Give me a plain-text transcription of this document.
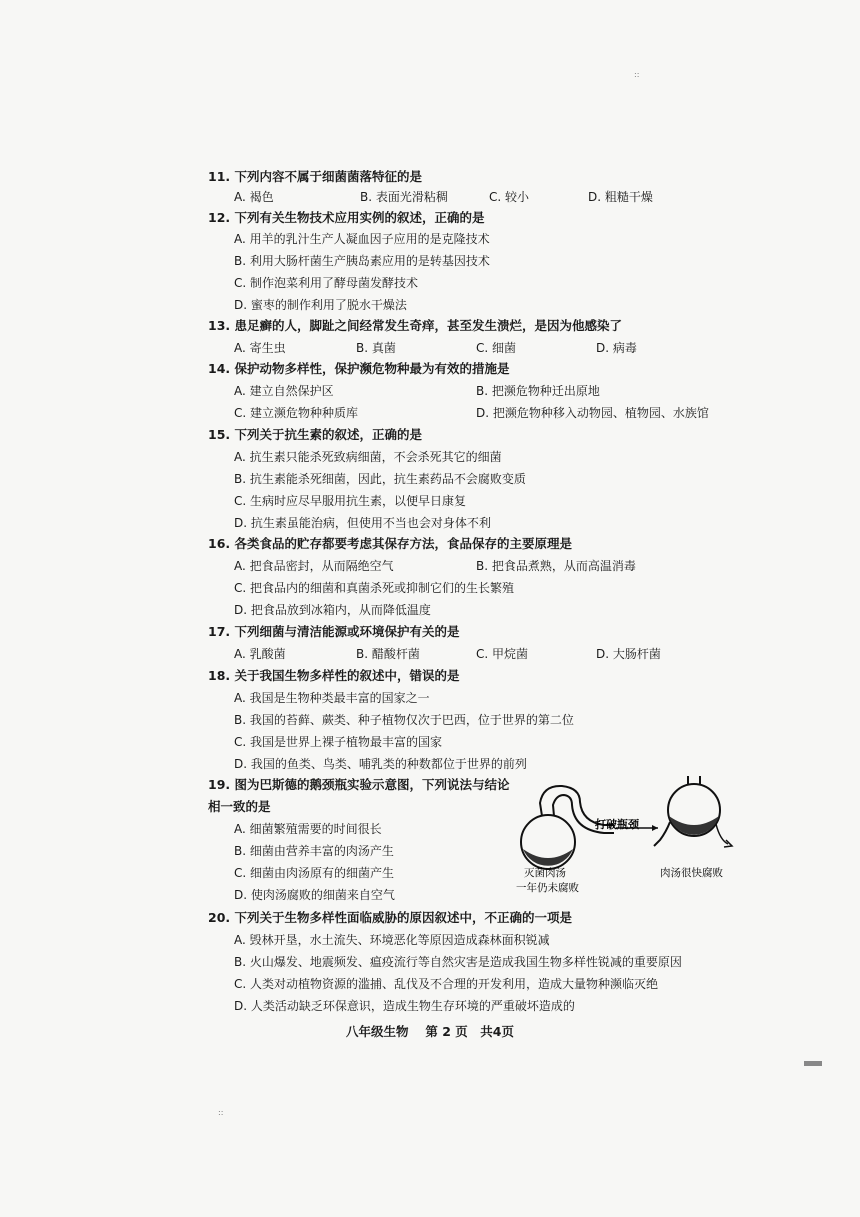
::
::
11. 下列内容不属于细菌菌落特征的是
A. 褐色	B. 表面光滑粘稠	C. 较小	D. 粗糙干燥
12. 下列有关生物技术应用实例的叙述，正确的是
A. 用羊的乳汁生产人凝血因子应用的是克隆技术
B. 利用大肠杆菌生产胰岛素应用的是转基因技术
C. 制作泡菜利用了酵母菌发酵技术
D. 蜜枣的制作利用了脱水干燥法
13. 患足癣的人，脚趾之间经常发生奇痒，甚至发生溃烂，是因为他感染了
A. 寄生虫	B. 真菌	C. 细菌	D. 病毒
14. 保护动物多样性，保护濒危物种最为有效的措施是
A. 建立自然保护区	B. 把濒危物种迁出原地
C. 建立濒危物种种质库	D. 把濒危物种移入动物园、植物园、水族馆
15. 下列关于抗生素的叙述，正确的是
A. 抗生素只能杀死致病细菌，不会杀死其它的细菌
B. 抗生素能杀死细菌，因此，抗生素药品不会腐败变质
C. 生病时应尽早服用抗生素，以便早日康复
D. 抗生素虽能治病，但使用不当也会对身体不利
16. 各类食品的贮存都要考虑其保存方法，食品保存的主要原理是
A. 把食品密封，从而隔绝空气	B. 把食品煮熟，从而高温消毒
C. 把食品内的细菌和真菌杀死或抑制它们的生长繁殖
D. 把食品放到冰箱内，从而降低温度
17. 下列细菌与清洁能源或环境保护有关的是
A. 乳酸菌	B. 醋酸杆菌	C. 甲烷菌	D. 大肠杆菌
18. 关于我国生物多样性的叙述中，错误的是
A. 我国是生物种类最丰富的国家之一
B. 我国的苔藓、蕨类、种子植物仅次于巴西，位于世界的第二位
C. 我国是世界上裸子植物最丰富的国家
D. 我国的鱼类、鸟类、哺乳类的种数都位于世界的前列
19. 图为巴斯德的鹅颈瓶实验示意图，下列说法与结论
相一致的是
A. 细菌繁殖需要的时间很长
B. 细菌由营养丰富的肉汤产生
C. 细菌由肉汤原有的细菌产生
D. 使肉汤腐败的细菌来自空气
打破瓶颈
灭菌肉汤
一年仍未腐败
肉汤很快腐败
20. 下列关于生物多样性面临威胁的原因叙述中，不正确的一项是
A. 毁林开垦，水土流失、环境恶化等原因造成森林面积锐减
B. 火山爆发、地震频发、瘟疫流行等自然灾害是造成我国生物多样性锐减的重要原因
C. 人类对动植物资源的滥捕、乱伐及不合理的开发利用，造成大量物种濒临灭绝
D. 人类活动缺乏环保意识，造成生物生存环境的严重破坏造成的
八年级生物　 第 2 页　共4页
